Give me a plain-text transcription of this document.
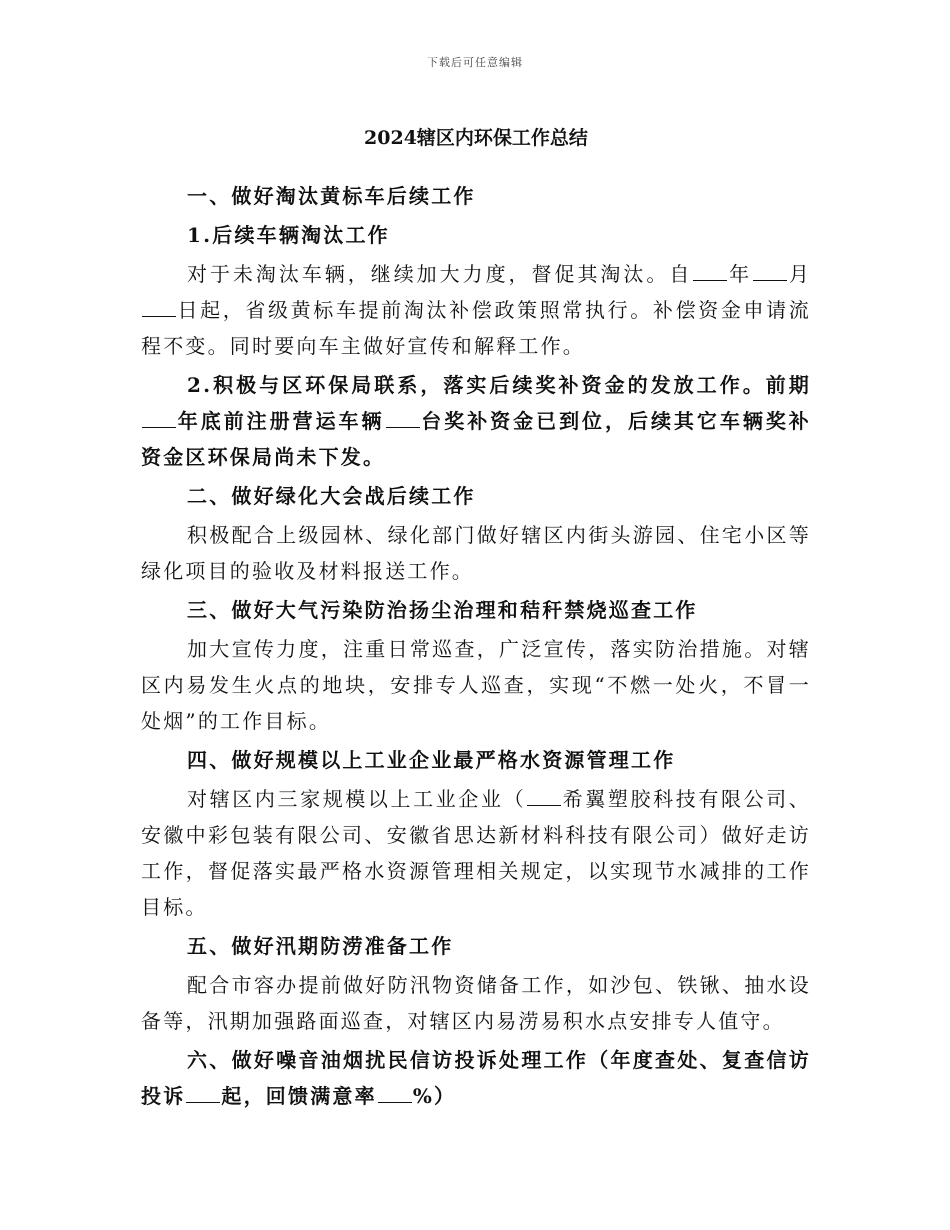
下载后可任意编辑
2024辖区内环保工作总结

一、做好淘汰黄标车后续工作

1.后续车辆淘汰工作

对于未淘汰车辆，继续加大力度，督促其淘汰。自 年 月日起，省级黄标车提前淘汰补偿政策照常执行。补偿资金申请流程不变。同时要向车主做好宣传和解释工作。

2.积极与区环保局联系，落实后续奖补资金的发放工作。前期年底前注册营运车辆 台奖补资金已到位，后续其它车辆奖补资金区环保局尚未下发。

二、做好绿化大会战后续工作

积极配合上级园林、绿化部门做好辖区内街头游园、住宅小区等绿化项目的验收及材料报送工作。

三、做好大气污染防治扬尘治理和秸秆禁烧巡查工作

加大宣传力度，注重日常巡查，广泛宣传，落实防治措施。对辖区内易发生火点的地块，安排专人巡查，实现“不燃一处火，不冒一处烟”的工作目标。

四、做好规模以上工业企业最严格水资源管理工作

对辖区内三家规模以上工业企业（ 希翼塑胶科技有限公司、安徽中彩包装有限公司、安徽省思达新材料科技有限公司）做好走访工作，督促落实最严格水资源管理相关规定，以实现节水减排的工作目标。

五、做好汛期防涝准备工作

配合市容办提前做好防汛物资储备工作，如沙包、铁锹、抽水设备等，汛期加强路面巡查，对辖区内易涝易积水点安排专人值守。

六、做好噪音油烟扰民信访投诉处理工作（年度查处、复查信访投诉 起，回馈满意率 %）
